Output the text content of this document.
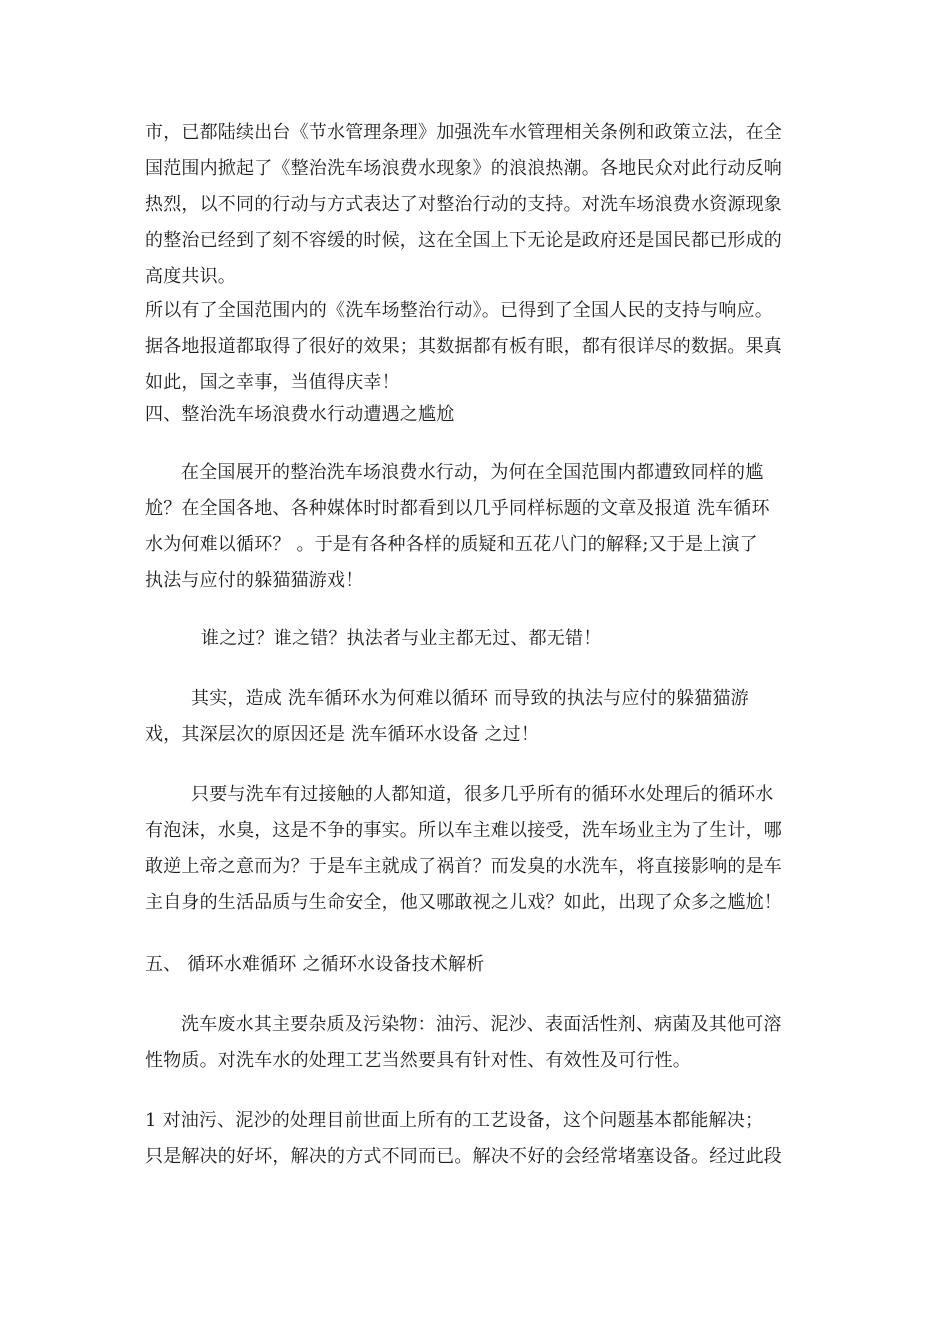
市，已都陆续出台《节水管理条理》加强洗车水管理相关条例和政策立法，在全
国范围内掀起了《整治洗车场浪费水现象》的浪浪热潮。各地民众对此行动反响
热烈，以不同的行动与方式表达了对整治行动的支持。对洗车场浪费水资源现象
的整治已经到了刻不容缓的时候，这在全国上下无论是政府还是国民都已形成的
高度共识。
所以有了全国范围内的《洗车场整治行动》。已得到了全国人民的支持与响应。
据各地报道都取得了很好的效果；其数据都有板有眼，都有很详尽的数据。果真
如此，国之幸事，当值得庆幸！
四、整治洗车场浪费水行动遭遇之尴尬
在全国展开的整治洗车场浪费水行动，为何在全国范围内都遭致同样的尴
尬？在全国各地、各种媒体时时都看到以几乎同样标题的文章及报道 洗车循环
水为何难以循环？ 。于是有各种各样的质疑和五花八门的解释;又于是上演了
执法与应付的躲猫猫游戏！
谁之过？谁之错？执法者与业主都无过、都无错！
其实，造成 洗车循环水为何难以循环 而导致的执法与应付的躲猫猫游
戏，其深层次的原因还是 洗车循环水设备 之过！
只要与洗车有过接触的人都知道，很多几乎所有的循环水处理后的循环水
有泡沫，水臭，这是不争的事实。所以车主难以接受，洗车场业主为了生计，哪
敢逆上帝之意而为？于是车主就成了祸首？而发臭的水洗车，将直接影响的是车
主自身的生活品质与生命安全，他又哪敢视之儿戏？如此，出现了众多之尴尬！
五、 循环水难循环 之循环水设备技术解析
洗车废水其主要杂质及污染物：油污、泥沙、表面活性剂、病菌及其他可溶
性物质。对洗车水的处理工艺当然要具有针对性、有效性及可行性。
1 对油污、泥沙的处理目前世面上所有的工艺设备，这个问题基本都能解决；
只是解决的好坏，解决的方式不同而已。解决不好的会经常堵塞设备。经过此段
